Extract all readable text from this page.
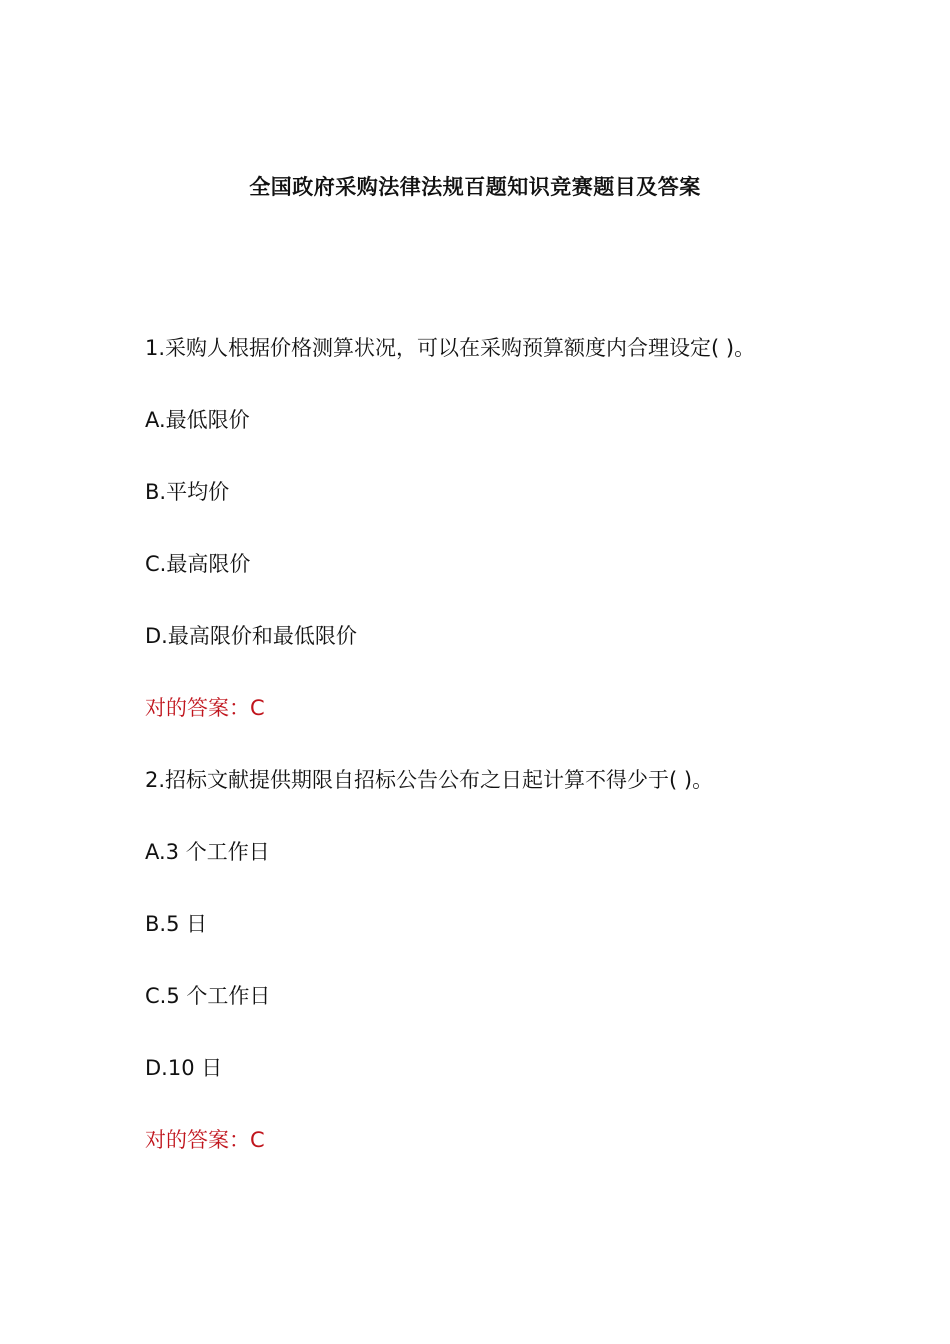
全国政府采购法律法规百题知识竞赛题目及答案
1.采购人根据价格测算状况，可以在采购预算额度内合理设定( )。
A.最低限价
B.平均价
C.最高限价
D.最高限价和最低限价
对的答案：C
2.招标文献提供期限自招标公告公布之日起计算不得少于( )。
A.3 个工作日
B.5 日
C.5 个工作日
D.10 日
对的答案：C
